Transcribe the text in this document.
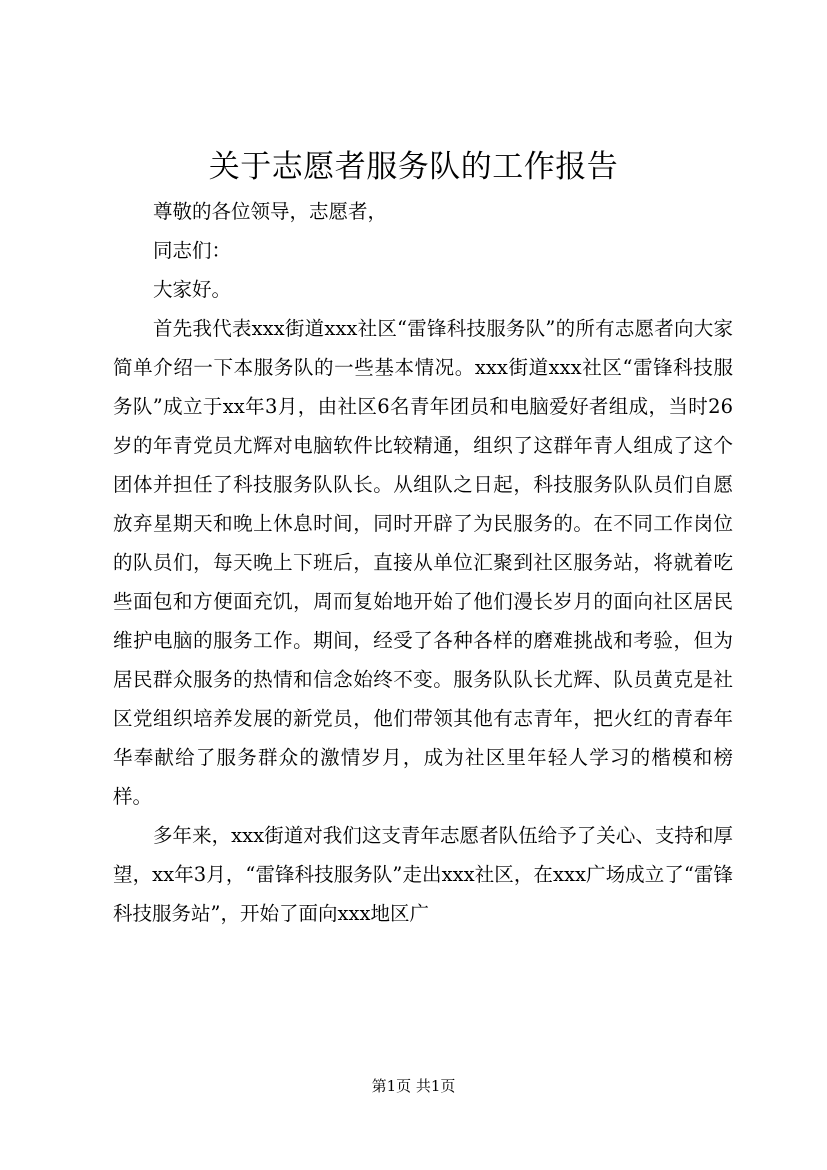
关于志愿者服务队的工作报告

尊敬的各位领导，志愿者，

同志们：

大家好。

首先我代表xxx街道xxx社区“雷锋科技服务队”的所有志愿者向大家简单介绍一下本服务队的一些基本情况。xxx街道xxx社区“雷锋科技服务队”成立于xx年3月，由社区6名青年团员和电脑爱好者组成，当时26岁的年青党员尤辉对电脑软件比较精通，组织了这群年青人组成了这个团体并担任了科技服务队队长。从组队之日起，科技服务队队员们自愿放弃星期天和晚上休息时间，同时开辟了为民服务的。在不同工作岗位的队员们，每天晚上下班后，直接从单位汇聚到社区服务站，将就着吃些面包和方便面充饥，周而复始地开始了他们漫长岁月的面向社区居民维护电脑的服务工作。期间，经受了各种各样的磨难挑战和考验，但为居民群众服务的热情和信念始终不变。服务队队长尤辉、队员黄克是社区党组织培养发展的新党员，他们带领其他有志青年，把火红的青春年华奉献给了服务群众的激情岁月，成为社区里年轻人学习的楷模和榜样。

多年来，xxx街道对我们这支青年志愿者队伍给予了关心、支持和厚望，xx年3月，“雷锋科技服务队”走出xxx社区，在xxx广场成立了“雷锋科技服务站”，开始了面向xxx地区广

第1页 共1页
